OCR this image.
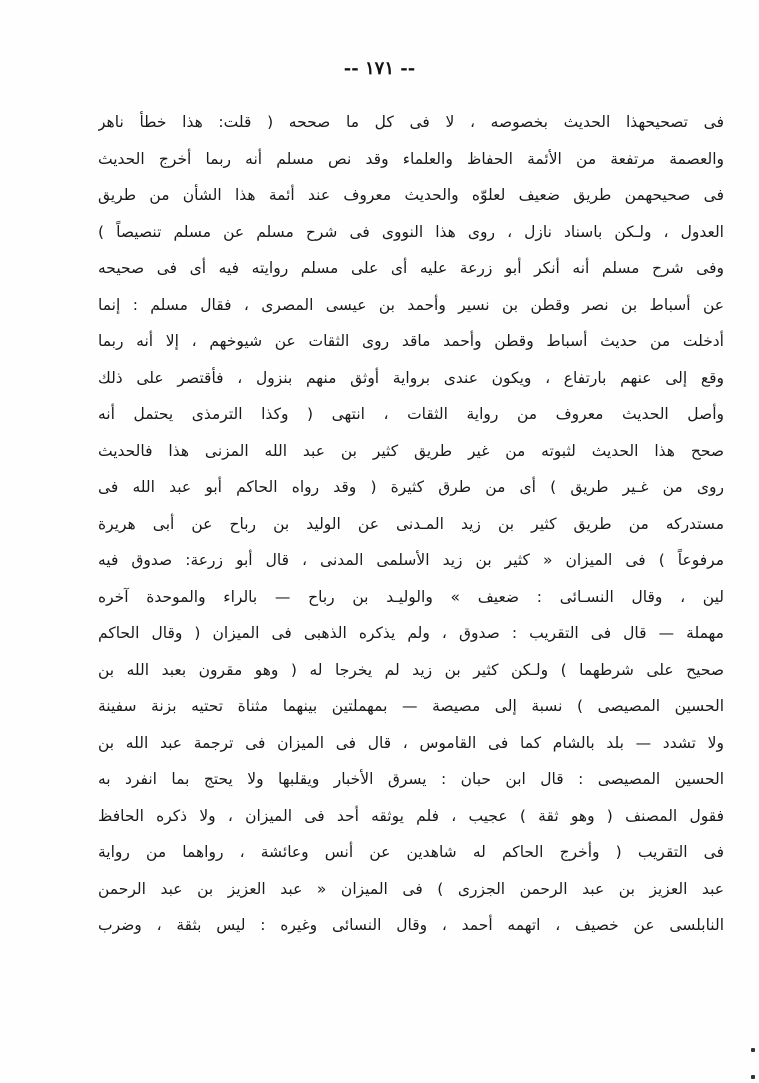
-- ١٧١ --
فى تصحيحهذا الحديث بخصوصه ، لا فى كل ما صححه ( قلت: هذا خطأ ناهر
والعصمة مرتفعة من الأئمة الحفاظ والعلماء وقد نص مسلم أنه ربما أخرج الحديث
فى صحيحهمن طريق ضعيف لعلوّه والحديث معروف عند أئمة هذا الشأن من طريق
العدول ، ولـكن باسناد نازل ، روى هذا النووى فى شرح مسلم عن مسلم تنصيصاً )
وفى شرح مسلم أنه أنكر أبو زرعة عليه أى على مسلم روايته فيه أى فى صحيحه
عن أسباط بن نصر وقطن بن نسير وأحمد بن عيسى المصرى ، فقال مسلم : إنما
أدخلت من حديث أسباط وقطن وأحمد ماقد روى الثقات عن شيوخهم ، إلا أنه ربما
وقع إلى عنهم بارتفاع ، ويكون عندى برواية أوثق منهم بنزول ، فأقتصر على ذلك
وأصل الحديث معروف من رواية الثقات ، انتهى ( وكذا الترمذى يحتمل أنه
صحح هذا الحديث لثبوته من غير طريق كثير بن عبد الله المزنى هذا فالحديث
روى من غـير طريق ) أى من طرق كثيرة ( وقد رواه الحاكم أبو عبد الله فى
مستدركه من طريق كثير بن زيد المـدنى عن الوليد بن رباح عن أبى هريرة
مرفوعاً ) فى الميزان « كثير بن زيد الأسلمى المدنى ، قال أبو زرعة: صدوق فيه
لين ، وقال النسـائى : ضعيف » والوليـد بن رباح — بالراء والموحدة آخره
مهملة — قال فى التقريب : صدوق ، ولم يذكره الذهبى فى الميزان ( وقال الحاكم
صحيح على شرطهما ) ولـكن كثير بن زيد لم يخرجا له ( وهو مقرون بعبد الله بن
الحسين المصيصى ) نسبة إلى مصيصة — بمهملتين بينهما مثناة تحتيه بزنة سفينة
ولا تشدد — بلد بالشام كما فى القاموس ، قال فى الميزان فى ترجمة عبد الله بن
الحسين المصيصى : قال ابن حبان : يسرق الأخبار ويقلبها ولا يحتج بما انفرد به
فقول المصنف ( وهو ثقة ) عجيب ، فلم يوثقه أحد فى الميزان ، ولا ذكره الحافظ
فى التقريب ( وأخرج الحاكم له شاهدين عن أنس وعائشة ، رواهما من رواية
عبد العزيز بن عبد الرحمن الجزرى ) فى الميزان « عبد العزيز بن عبد الرحمن
النابلسى عن خصيف ، اتهمه أحمد ، وقال النسائى وغيره : ليس بثقة ، وضرب
